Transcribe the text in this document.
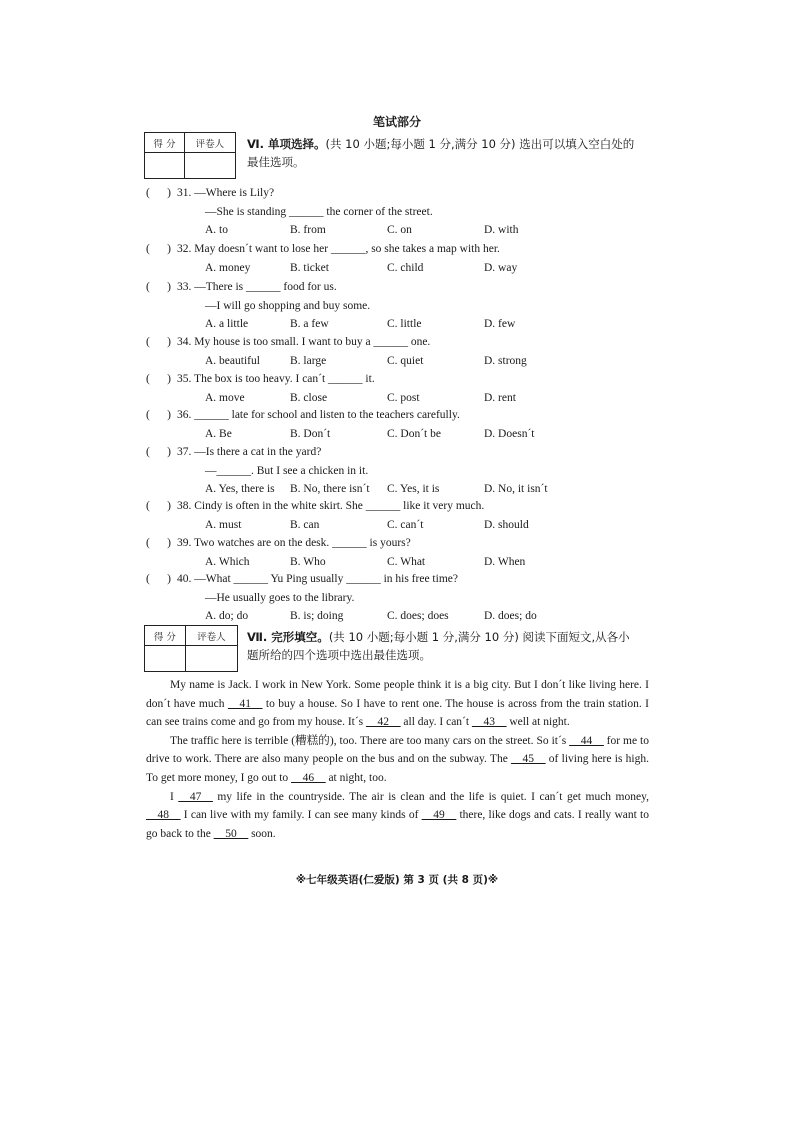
笔试部分
得 分	评卷人
	Ⅵ. 单项选择。(共 10 小题;每小题 1 分,满分 10 分) 选出可以填入空白处的
最佳选项。
(      ) 31. —Where is Lily?
—She is standing ______ the corner of the street.
A. to	B. from	C. on	D. with
(      ) 32. May doesn´t want to lose her ______, so she takes a map with her.
A. money	B. ticket	C. child	D. way
(      ) 33. —There is ______ food for us.
—I will go shopping and buy some.
A. a little	B. a few	C. little	D. few
(      ) 34. My house is too small. I want to buy a ______ one.
A. beautiful	B. large	C. quiet	D. strong
(      ) 35. The box is too heavy. I can´t ______ it.
A. move	B. close	C. post	D. rent
(      ) 36. ______ late for school and listen to the teachers carefully.
A. Be	B. Don´t	C. Don´t be	D. Doesn´t
(      ) 37. —Is there a cat in the yard?
—______. But I see a chicken in it.
A. Yes, there is B. No, there isn´t C. Yes, it is	D. No, it isn´t
(      ) 38. Cindy is often in the white skirt. She ______ like it very much.
A. must	B. can	C. can´t	D. should
(      ) 39. Two watches are on the desk. ______ is yours?
A. Which	B. Who	C. What	D. When
(      ) 40. —What ______ Yu Ping usually ______ in his free time?
—He usually goes to the library.
A. do; do	B. is; doing	C. does; does	D. does; do
得 分	评卷人
	Ⅶ. 完形填空。(共 10 小题;每小题 1 分,满分 10 分) 阅读下面短文,从各小
题所给的四个选项中选出最佳选项。

My name is Jack. I work in New York. Some people think it is a big city. But I don´t like living here. I don´t have much __41__ to buy a house. So I have to rent one. The house is across from the train station. I can see trains come and go from my house. It´s __42__ all day. I can´t __43__ well at night.

The traffic here is terrible (糟糕的), too. There are too many cars on the street. So it´s __44__ for me to drive to work. There are also many people on the bus and on the subway. The __45__ of living here is high. To get more money, I go out to __46__ at night, too.

I __47__ my life in the countryside. The air is clean and the life is quiet. I can´t get much money, __48__ I can live with my family. I can see many kinds of __49__ there, like dogs and cats. I really want to go back to the __50__ soon.

※七年级英语(仁爱版) 第 3 页 (共 8 页)※
